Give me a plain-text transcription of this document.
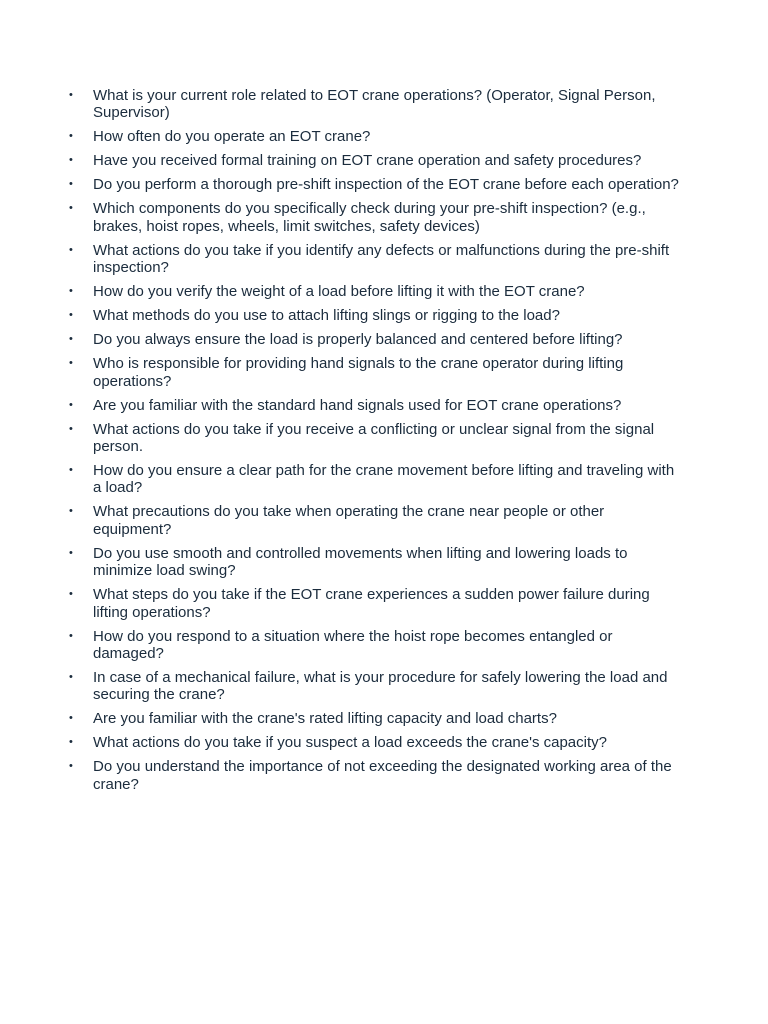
• What is your current role related to EOT crane operations? (Operator, Signal Person, Supervisor)
• How often do you operate an EOT crane?
• Have you received formal training on EOT crane operation and safety procedures?
• Do you perform a thorough pre-shift inspection of the EOT crane before each operation?
• Which components do you specifically check during your pre-shift inspection? (e.g., brakes, hoist ropes, wheels, limit switches, safety devices)
• What actions do you take if you identify any defects or malfunctions during the pre-shift inspection?
• How do you verify the weight of a load before lifting it with the EOT crane?
• What methods do you use to attach lifting slings or rigging to the load?
• Do you always ensure the load is properly balanced and centered before lifting?
• Who is responsible for providing hand signals to the crane operator during lifting operations?
• Are you familiar with the standard hand signals used for EOT crane operations?
• What actions do you take if you receive a conflicting or unclear signal from the signal person.
• How do you ensure a clear path for the crane movement before lifting and traveling with a load?
• What precautions do you take when operating the crane near people or other equipment?
• Do you use smooth and controlled movements when lifting and lowering loads to minimize load swing?
• What steps do you take if the EOT crane experiences a sudden power failure during lifting operations?
• How do you respond to a situation where the hoist rope becomes entangled or damaged?
• In case of a mechanical failure, what is your procedure for safely lowering the load and securing the crane?
• Are you familiar with the crane's rated lifting capacity and load charts?
• What actions do you take if you suspect a load exceeds the crane's capacity?
• Do you understand the importance of not exceeding the designated working area of the crane?
